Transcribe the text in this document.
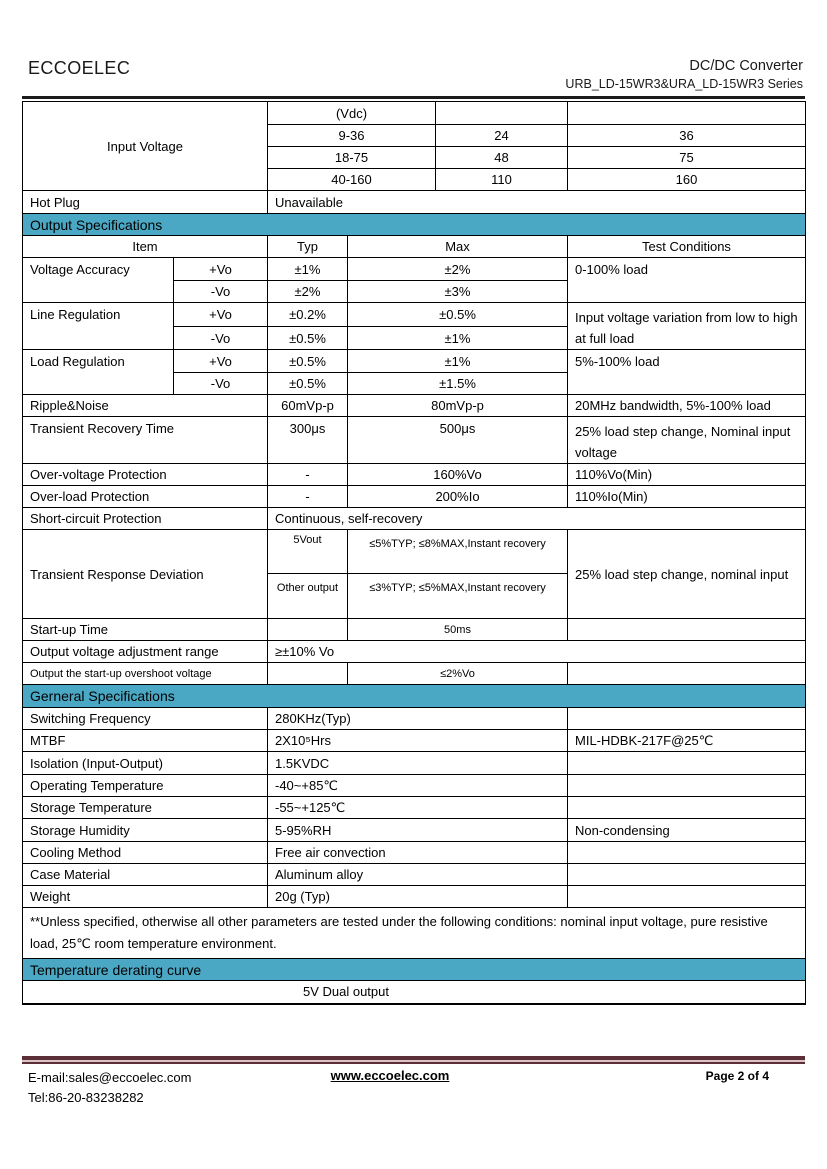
ECCOELEC	DC/DC Converter
URB_LD-15WR3&URA_LD-15WR3 Series
Input Voltage		(Vdc)			
		9-36		24	36
		18-75		48	75
		40-160		110	160
Hot Plug		Unavailable			
Output Specifications					
Item		Typ	Max		Test Conditions
Voltage Accuracy	+Vo	±1%	±2%		0-100% load
	-Vo	±2%	±3%		
Line Regulation	+Vo	±0.2%	±0.5%		Input voltage variation from low to high at full load
	-Vo	±0.5%	±1%		
Load Regulation	+Vo	±0.5%	±1%		5%-100% load
	-Vo	±0.5%	±1.5%		
Ripple&Noise		60mVp-p	80mVp-p		20MHz bandwidth, 5%-100% load
Transient Recovery Time		300μs	500μs		25% load step change, Nominal input voltage
Over-voltage Protection		-	160%Vo		110%Vo(Min)
Over-load Protection		-	200%Io		110%Io(Min)
Short-circuit Protection		Continuous, self-recovery			
Transient Response Deviation		5Vout	≤5%TYP; ≤8%MAX,Instant recovery		25% load step change, nominal input
		Other output	≤3%TYP; ≤5%MAX,Instant recovery		
Start-up Time			50ms		
Output voltage adjustment range		≥±10% Vo			
Output the start-up overshoot voltage			≤2%Vo		
Gerneral Specifications					
Switching Frequency		280KHz(Typ)			
MTBF		2X10⁵Hrs			MIL-HDBK-217F@25℃
Isolation (Input-Output)		1.5KVDC			
Operating Temperature		-40~+85℃			
Storage Temperature		-55~+125℃			
Storage Humidity		5-95%RH			Non-condensing
Cooling Method		Free air convection			
Case Material		Aluminum alloy			
Weight		20g (Typ)			
**Unless specified, otherwise all other parameters are tested under the following conditions: nominal input voltage, pure resistive load, 25℃ room temperature environment.					
Temperature derating curve					
5V Dual output					
E-mail:sales@eccoelec.com
Tel:86-20-83238282
www.eccoelec.com	Page 2 of 4
